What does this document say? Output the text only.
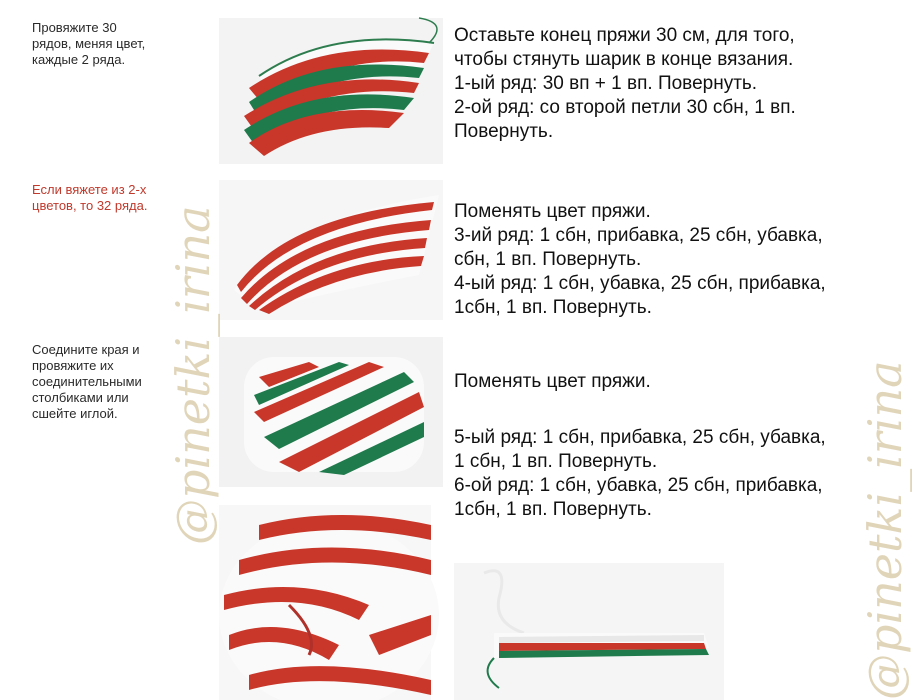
Провяжите 30 рядов, меняя цвет, каждые 2 ряда.
Если вяжете из 2-х цветов, то 32 ряда.
Соедините края и провяжите их соединительными столбиками или сшейте иглой.
Оставьте конец пряжи 30 см, для того,
чтобы стянуть шарик в конце вязания.
1-ый ряд: 30 вп + 1 вп. Повернуть.
2-ой ряд: со второй петли 30 сбн, 1 вп.
Повернуть.
Поменять цвет пряжи.
3-ий ряд: 1 сбн, прибавка, 25 сбн, убавка,
сбн, 1 вп. Повернуть.
4-ый ряд: 1 сбн, убавка, 25 сбн, прибавка,
1сбн, 1 вп. Повернуть.
Поменять цвет пряжи.
5-ый ряд: 1 сбн, прибавка, 25 сбн, убавка,
1 сбн, 1 вп. Повернуть.
6-ой ряд: 1 сбн, убавка, 25 сбн, прибавка,
1сбн, 1 вп. Повернуть.
@pinetki_irina	@pinetki_irina
